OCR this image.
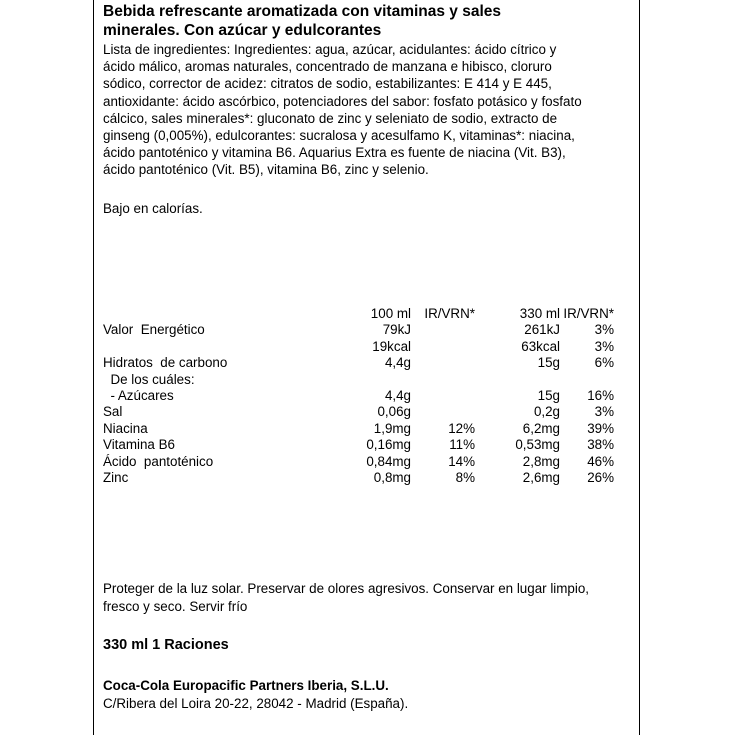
Bebida refrescante aromatizada con vitaminas y sales
minerales. Con azúcar y edulcorantes
Lista de ingredientes: Ingredientes: agua, azúcar, acidulantes: ácido cítrico y
ácido málico, aromas naturales, concentrado de manzana e hibisco, cloruro
sódico, corrector de acidez: citratos de sodio, estabilizantes: E 414 y E 445,
antioxidante: ácido ascórbico, potenciadores del sabor: fosfato potásico y fosfato
cálcico, sales minerales*: gluconato de zinc y seleniato de sodio, extracto de
ginseng (0,005%), edulcorantes: sucralosa y acesulfamo K, vitaminas*: niacina,
ácido pantoténico y vitamina B6. Aquarius Extra es fuente de niacina (Vit. B3),
ácido pantoténico (Vit. B5), vitamina B6, zinc y selenio.
Bajo en calorías.
	100 ml	IR/VRN*	330 ml	IR/VRN*
Valor  Energético	79kJ		261kJ	3%
	19kcal		63kcal	3%
Hidratos  de carbono	4,4g		15g	6%
De los cuáles:				
- Azúcares	4,4g		15g	16%
Sal	0,06g		0,2g	3%
Niacina	1,9mg	12%	6,2mg	39%
Vitamina B6	0,16mg	11%	0,53mg	38%
Ácido  pantoténico	0,84mg	14%	2,8mg	46%
Zinc	0,8mg	8%	2,6mg	26%
Proteger de la luz solar. Preservar de olores agresivos. Conservar en lugar limpio,
fresco y seco. Servir frío
330 ml 1 Raciones
Coca-Cola Europacific Partners Iberia, S.L.U.
C/Ribera del Loira 20-22, 28042 - Madrid (España).
